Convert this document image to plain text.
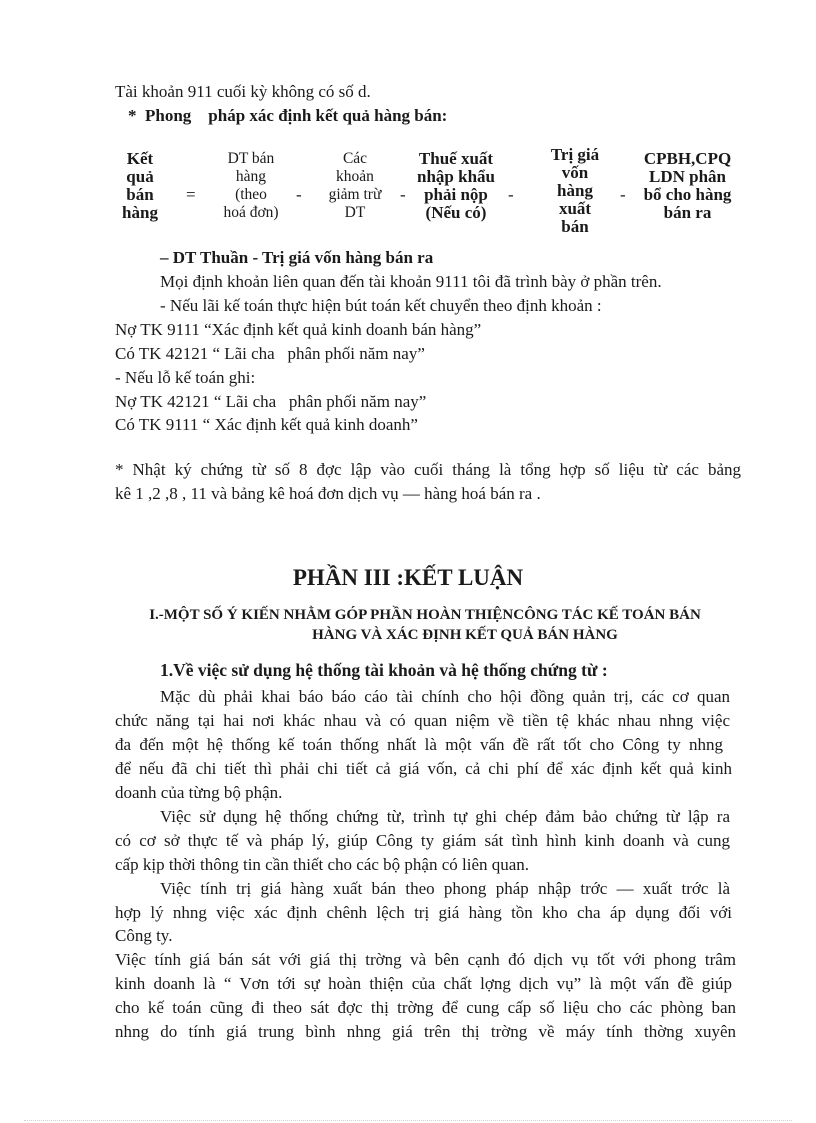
Tài khoản 911 cuối kỳ không có số d.
*  Phong    pháp xác định kết quả hàng bán:
Kết
quả
bán
hàng
=
DT bán
hàng
(theo
hoá đơn)
-
Các
khoản
giảm trừ
DT
-
Thuế xuất
nhập khẩu
phải nộp
(Nếu có)
-
Trị giá
vốn
hàng
xuất
bán
-
CPBH,CPQ
LDN phân
bổ cho hàng
bán ra
– DT Thuần - Trị giá vốn hàng bán ra
Mọi định khoản liên quan đến tài khoản 9111 tôi đã trình bày ở phần trên.
- Nếu lãi kế toán thực hiện bút toán kết chuyển theo định khoản :
Nợ TK 9111 “Xác định kết quả kinh doanh bán hàng”
Có TK 42121 “ Lãi cha   phân phối năm nay”
- Nếu lỗ kế toán ghi:
Nợ TK 42121 “ Lãi cha   phân phối năm nay”
Có TK 9111 “ Xác định kết quả kinh doanh”
* Nhật ký chứng từ số 8 đợc lập vào cuối tháng là tổng hợp số liệu từ các bảng
kê 1 ,2 ,8 , 11 và bảng kê hoá đơn dịch vụ — hàng hoá bán ra .
PHẦN III :KẾT LUẬN
I.-MỘT SỐ Ý KIẾN NHẰM GÓP PHẦN HOÀN THIỆNCÔNG TÁC KẾ TOÁN BÁN
HÀNG VÀ XÁC ĐỊNH KẾT QUẢ BÁN HÀNG
1.Về việc sử dụng hệ thống tài khoản và hệ thống chứng từ :
Mặc dù phải khai báo báo cáo tài chính cho hội đồng quản trị, các cơ quan
chức năng tại hai nơi khác nhau và có quan niệm về tiền tệ khác nhau nhng việc
đa đến một hệ thống kế toán thống nhất là một vấn đề rất tốt cho Công ty nhng
để nếu đã chi tiết thì phải chi tiết cả giá vốn, cả chi phí để xác định kết quả kinh
doanh của từng bộ phận.
Việc sử dụng hệ thống chứng từ, trình tự ghi chép đảm bảo chứng từ lập ra
có cơ sở thực tế và pháp lý, giúp Công ty giám sát tình hình kinh doanh và cung
cấp kịp thời thông tin cần thiết cho các bộ phận có liên quan.
Việc tính trị giá hàng xuất bán theo phong pháp nhập trớc — xuất trớc là
hợp lý nhng việc xác định chênh lệch trị giá hàng tồn kho cha áp dụng đối với
Công ty.
Việc tính giá bán sát với giá thị trờng và bên cạnh đó dịch vụ tốt với phong trâm
kinh doanh là “ Vơn tới sự hoàn thiện của chất lợng dịch vụ” là một vấn đề giúp
cho kế toán cũng đi theo sát đợc thị trờng để cung cấp số liệu cho các phòng ban
nhng do tính giá trung bình nhng giá trên thị trờng về máy tính thờng xuyên
